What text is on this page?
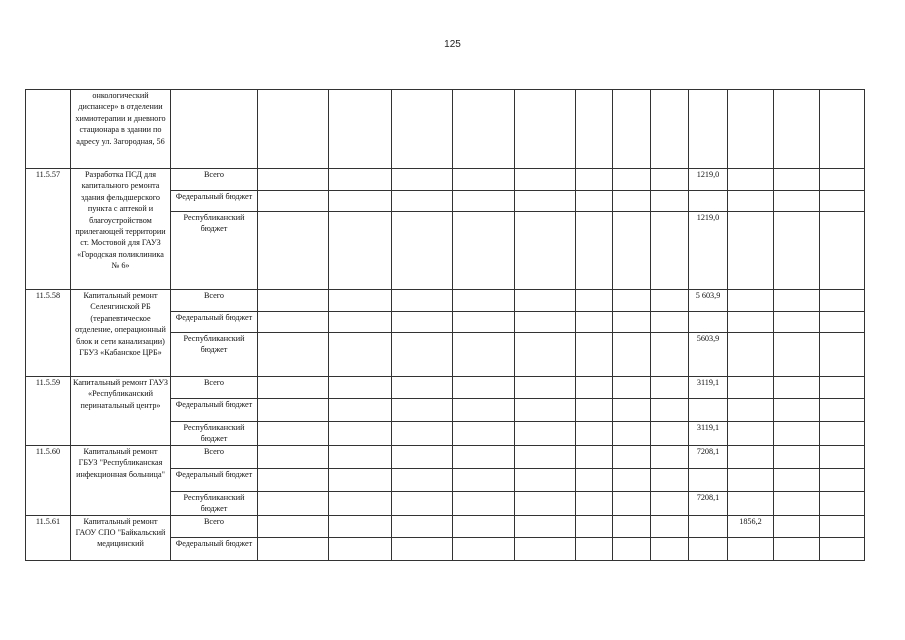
125
	онкологический диспансер» в отделении химиотерапии и дневного стационара в здании по адресу ул. Загородная, 56													
11.5.57	Разработка ПСД для капитального ремонта здания фельдшерского пункта с аптекой и благоустройством прилегающей территории ст. Мостовой для ГАУЗ «Городская поликлиника № 6»	Всего									1219,0			
		Федеральный бюджет												
		Республиканский бюджет									1219,0			
11.5.58	Капитальный ремонт Селенгинской РБ (терапевтическое отделение, операционный блок и сети канализации) ГБУЗ «Кабанское ЦРБ»	Всего									5 603,9			
		Федеральный бюджет												
		Республиканский бюджет									5603,9			
11.5.59	Капитальный ремонт ГАУЗ «Республиканский перинатальный центр»	Всего									3119,1			
		Федеральный бюджет												
		Республиканский бюджет									3119,1			
11.5.60	Капитальный ремонт ГБУЗ "Республиканская инфекционная больница"	Всего									7208,1			
		Федеральный бюджет												
		Республиканский бюджет									7208,1			
11.5.61	Капитальный ремонт ГАОУ СПО "Байкальский медицинский	Всего										1856,2		
		Федеральный бюджет												
